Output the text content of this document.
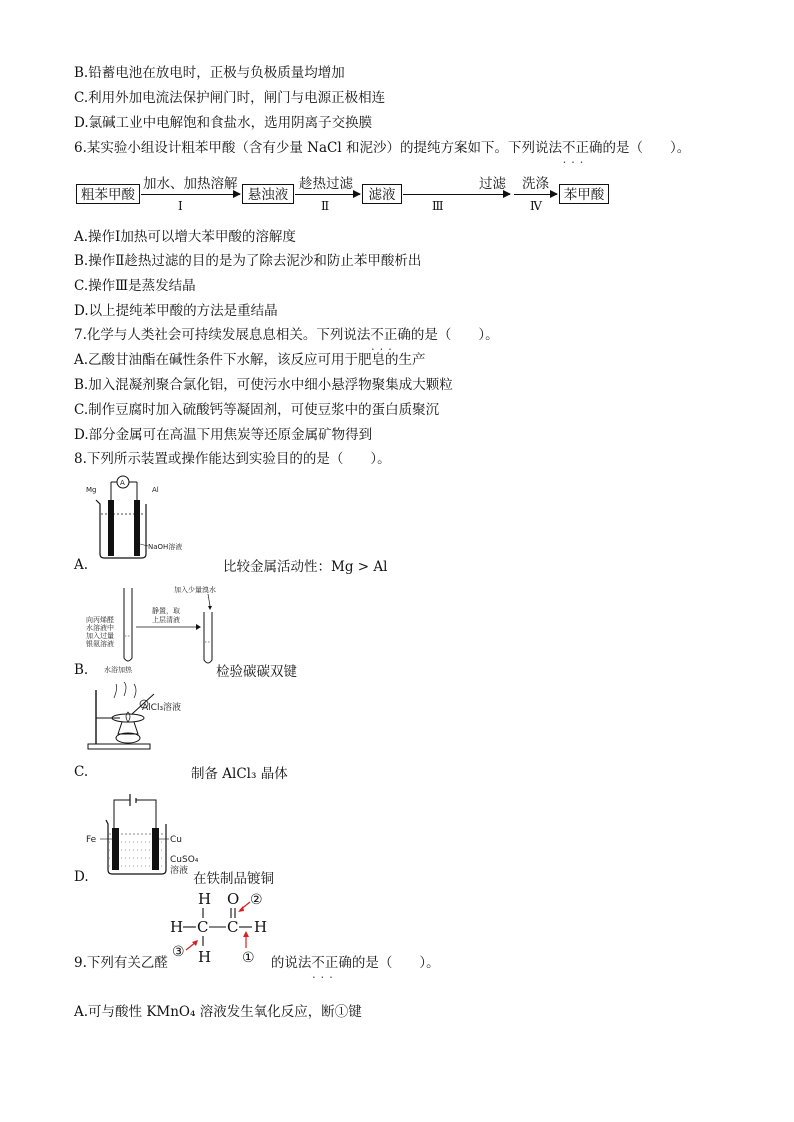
B.铅蓄电池在放电时，正极与负极质量均增加
C.利用外加电流法保护闸门时，闸门与电源正极相连
D.氯碱工业中电解饱和食盐水，选用阴离子交换膜
6.某实验小组设计粗苯甲酸（含有少量 NaCl 和泥沙）的提纯方案如下。下列说法不正确 • • •的是（　　）。
粗苯甲酸
加水、加热溶解
Ⅰ
悬浊液
趁热过滤
Ⅱ
滤液
过滤
Ⅲ
洗涤
Ⅳ
苯甲酸
A.操作Ⅰ加热可以增大苯甲酸的溶解度
B.操作Ⅱ趁热过滤的目的是为了除去泥沙和防止苯甲酸析出
C.操作Ⅲ是蒸发结晶
D.以上提纯苯甲酸的方法是重结晶
7.化学与人类社会可持续发展息息相关。下列说法不正确 • • •的是（　　）。
A.乙酸甘油酯在碱性条件下水解，该反应可用于肥皂的生产
B.加入混凝剂聚合氯化铝，可使污水中细小悬浮物聚集成大颗粒
C.制作豆腐时加入硫酸钙等凝固剂，可使豆浆中的蛋白质聚沉
D.部分金属可在高温下用焦炭等还原金属矿物得到
8.下列所示装置或操作能达到实验目的的是（　　）。
Mg	Al
A
NaOH溶液
A.	比较金属活动性：Mg > Al
加入少量溴水
静置，取
上层清液
向丙烯醛
水溶液中
加入过量
银氨溶液
水浴加热
B.	检验碳碳双键
AlCl₃溶液
C.	制备 AlCl₃ 晶体
Fe	Cu
CuSO₄
溶液
D.	在铁制品镀铜
H
H C C H
O
H
②
①
③
9.下列有关乙醛	的说法不正确 • • •的是（　　）。
A.可与酸性 KMnO₄ 溶液发生氧化反应，断①键
